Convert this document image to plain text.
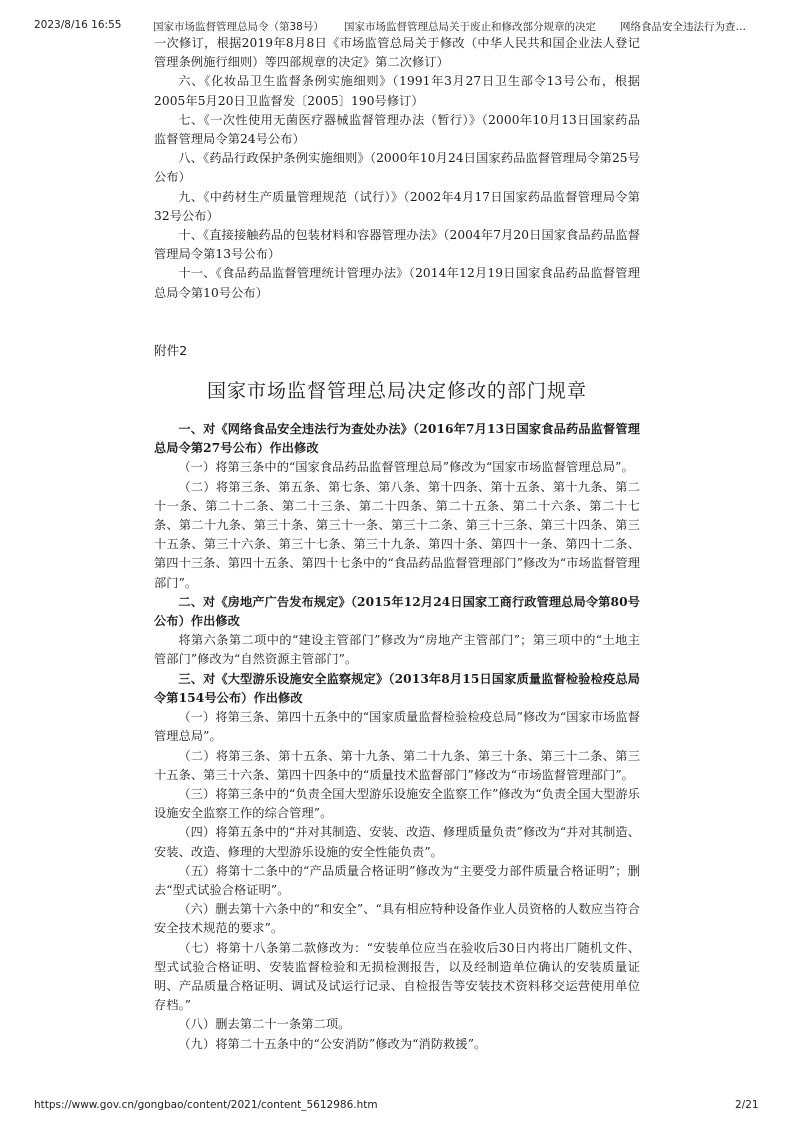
2023/8/16 16:55	国家市场监督管理总局令（第38号） 国家市场监督管理总局关于废止和修改部分规章的决定 网络食品安全违法行为查…

一次修订，根据2019年8月8日《市场监管总局关于修改（中华人民共和国企业法人登记管理条例施行细则）等四部规章的决定》第二次修订）

六、《化妆品卫生监督条例实施细则》（1991年3月27日卫生部令13号公布，根据2005年5月20日卫监督发〔2005〕190号修订）

七、《一次性使用无菌医疗器械监督管理办法（暂行）》（2000年10月13日国家药品监督管理局令第24号公布）

八、《药品行政保护条例实施细则》（2000年10月24日国家药品监督管理局令第25号公布）

九、《中药材生产质量管理规范（试行）》（2002年4月17日国家药品监督管理局令第32号公布）

十、《直接接触药品的包装材料和容器管理办法》（2004年7月20日国家食品药品监督管理局令第13号公布）

十一、《食品药品监督管理统计管理办法》（2014年12月19日国家食品药品监督管理总局令第10号公布）

附件2

国家市场监督管理总局决定修改的部门规章

一、对《网络食品安全违法行为查处办法》（2016年7月13日国家食品药品监督管理总局令第27号公布）作出修改

（一）将第三条中的“国家食品药品监督管理总局”修改为“国家市场监督管理总局”。

（二）将第三条、第五条、第七条、第八条、第十四条、第十五条、第十九条、第二十一条、第二十二条、第二十三条、第二十四条、第二十五条、第二十六条、第二十七条、第二十九条、第三十条、第三十一条、第三十二条、第三十三条、第三十四条、第三十五条、第三十六条、第三十七条、第三十九条、第四十条、第四十一条、第四十二条、第四十三条、第四十五条、第四十七条中的“食品药品监督管理部门”修改为“市场监督管理部门”。

二、对《房地产广告发布规定》（2015年12月24日国家工商行政管理总局令第80号公布）作出修改

将第六条第二项中的“建设主管部门”修改为“房地产主管部门”；第三项中的“土地主管部门”修改为“自然资源主管部门”。

三、对《大型游乐设施安全监察规定》（2013年8月15日国家质量监督检验检疫总局令第154号公布）作出修改

（一）将第三条、第四十五条中的“国家质量监督检验检疫总局”修改为“国家市场监督管理总局”。

（二）将第三条、第十五条、第十九条、第二十九条、第三十条、第三十二条、第三十五条、第三十六条、第四十四条中的“质量技术监督部门”修改为“市场监督管理部门”。

（三）将第三条中的“负责全国大型游乐设施安全监察工作”修改为“负责全国大型游乐设施安全监察工作的综合管理”。

（四）将第五条中的“并对其制造、安装、改造、修理质量负责”修改为“并对其制造、安装、改造、修理的大型游乐设施的安全性能负责”。

（五）将第十二条中的“产品质量合格证明”修改为“主要受力部件质量合格证明”；删去“型式试验合格证明”。

（六）删去第十六条中的“和安全”、“具有相应特种设备作业人员资格的人数应当符合安全技术规范的要求”。

（七）将第十八条第二款修改为：“安装单位应当在验收后30日内将出厂随机文件、型式试验合格证明、安装监督检验和无损检测报告，以及经制造单位确认的安装质量证明、产品质量合格证明、调试及试运行记录、自检报告等安装技术资料移交运营使用单位存档。”

（八）删去第二十一条第二项。

（九）将第二十五条中的“公安消防”修改为“消防救援”。

https://www.gov.cn/gongbao/content/2021/content_5612986.htm	2/21
